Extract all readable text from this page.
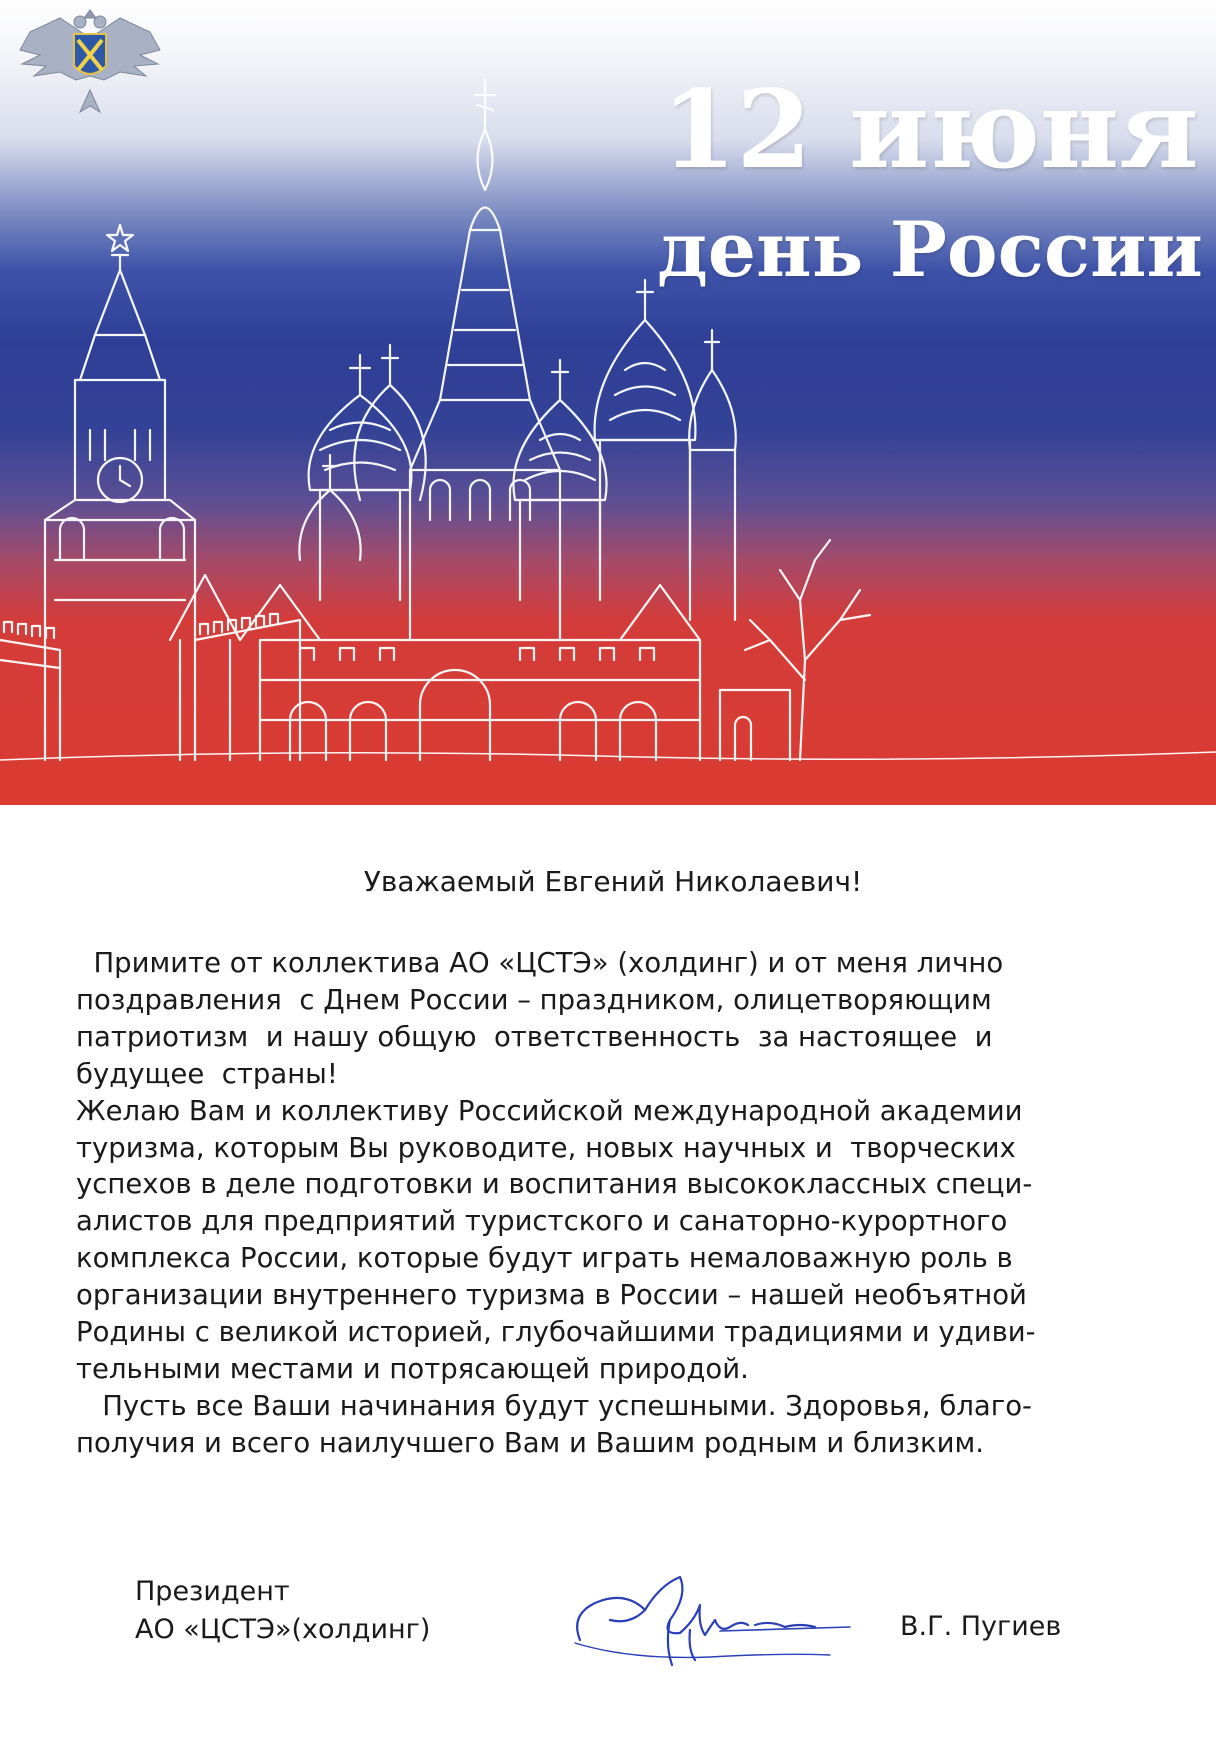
12 июня
день России
Уважаемый Евгений Николаевич!
Примите от коллектива АО «ЦСТЭ» (холдинг) и от меня лично
поздравления  с Днем России – праздником, олицетворяющим
патриотизм  и нашу общую  ответственность  за настоящее  и
будущее  страны!
Желаю Вам и коллективу Российской международной академии
туризма, которым Вы руководите, новых научных и  творческих
успехов в деле подготовки и воспитания высококлассных специ-
алистов для предприятий туристского и санаторно-курортного
комплекса России, которые будут играть немаловажную роль в
организации внутреннего туризма в России – нашей необъятной
Родины с великой историей, глубочайшими традициями и удиви-
тельными местами и потрясающей природой.
Пусть все Ваши начинания будут успешными. Здоровья, благо-
получия и всего наилучшего Вам и Вашим родным и близким.
Президент
АО «ЦСТЭ»(холдинг)	В.Г. Пугиев
